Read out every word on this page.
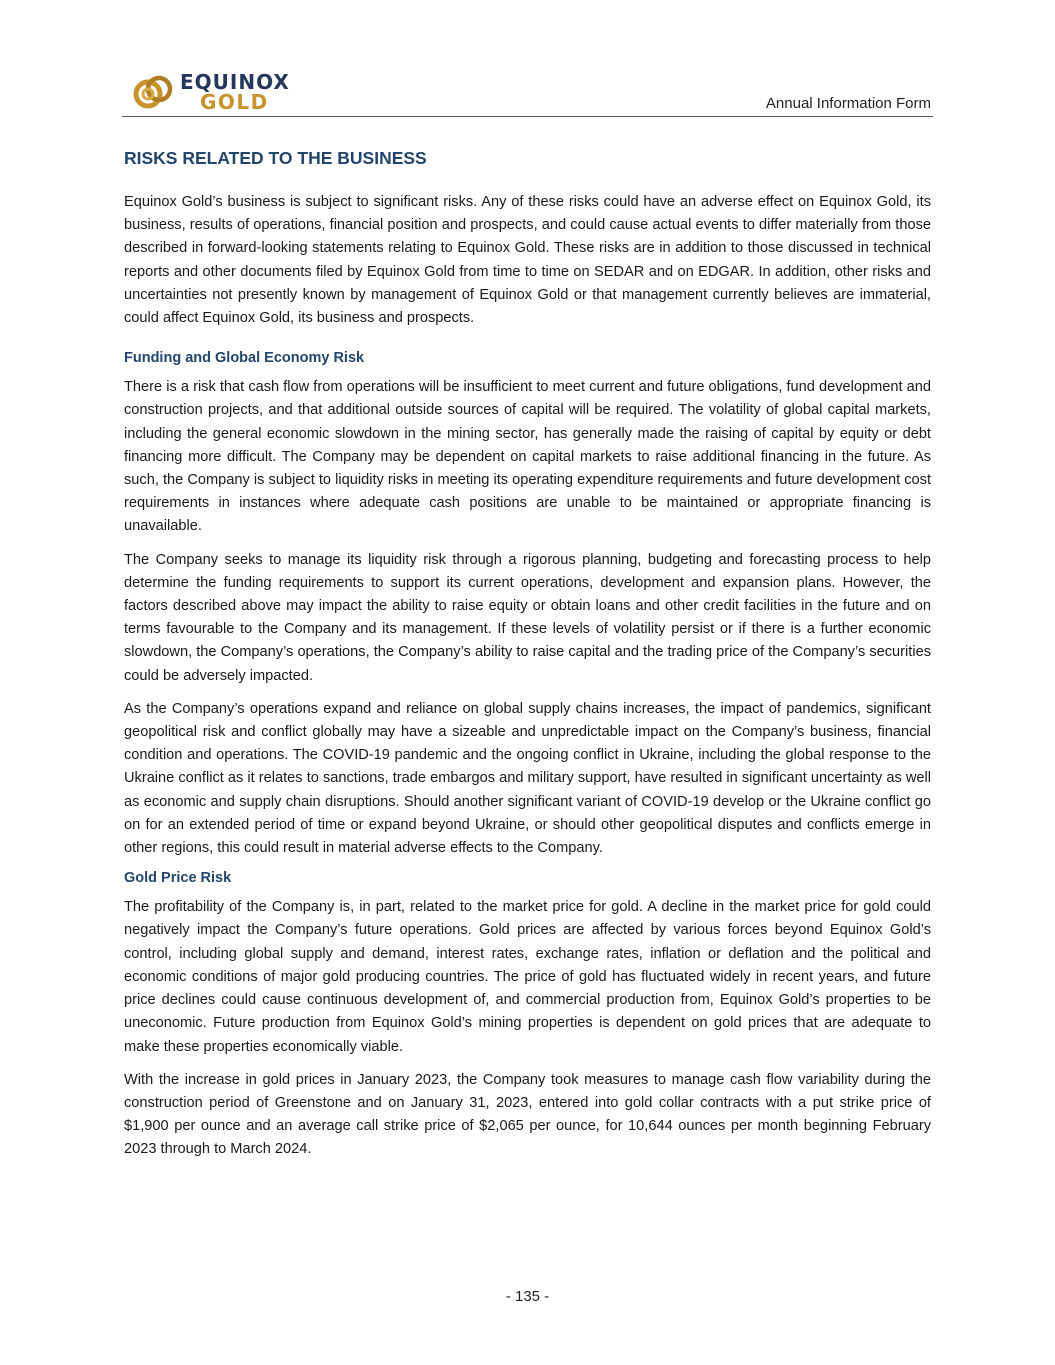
EQUINOX
GOLD	Annual Information Form
RISKS RELATED TO THE BUSINESS

Equinox Gold’s business is subject to significant risks. Any of these risks could have an adverse effect on Equinox Gold, its business, results of operations, financial position and prospects, and could cause actual events to differ materially from those described in forward-looking statements relating to Equinox Gold. These risks are in addition to those discussed in technical reports and other documents filed by Equinox Gold from time to time on SEDAR and on EDGAR. In addition, other risks and uncertainties not presently known by management of Equinox Gold or that management currently believes are immaterial, could affect Equinox Gold, its business and prospects.

Funding and Global Economy Risk

There is a risk that cash flow from operations will be insufficient to meet current and future obligations, fund development and construction projects, and that additional outside sources of capital will be required. The volatility of global capital markets, including the general economic slowdown in the mining sector, has generally made the raising of capital by equity or debt financing more difficult. The Company may be dependent on capital markets to raise additional financing in the future. As such, the Company is subject to liquidity risks in meeting its operating expenditure requirements and future development cost requirements in instances where adequate cash positions are unable to be maintained or appropriate financing is unavailable.

The Company seeks to manage its liquidity risk through a rigorous planning, budgeting and forecasting process to help determine the funding requirements to support its current operations, development and expansion plans. However, the factors described above may impact the ability to raise equity or obtain loans and other credit facilities in the future and on terms favourable to the Company and its management. If these levels of volatility persist or if there is a further economic slowdown, the Company’s operations, the Company’s ability to raise capital and the trading price of the Company’s securities could be adversely impacted.

As the Company’s operations expand and reliance on global supply chains increases, the impact of pandemics, significant geopolitical risk and conflict globally may have a sizeable and unpredictable impact on the Company’s business, financial condition and operations. The COVID-19 pandemic and the ongoing conflict in Ukraine, including the global response to the Ukraine conflict as it relates to sanctions, trade embargos and military support, have resulted in significant uncertainty as well as economic and supply chain disruptions. Should another significant variant of COVID-19 develop or the Ukraine conflict go on for an extended period of time or expand beyond Ukraine, or should other geopolitical disputes and conflicts emerge in other regions, this could result in material adverse effects to the Company.

Gold Price Risk

The profitability of the Company is, in part, related to the market price for gold. A decline in the market price for gold could negatively impact the Company’s future operations. Gold prices are affected by various forces beyond Equinox Gold’s control, including global supply and demand, interest rates, exchange rates, inflation or deflation and the political and economic conditions of major gold producing countries. The price of gold has fluctuated widely in recent years, and future price declines could cause continuous development of, and commercial production from, Equinox Gold’s properties to be uneconomic. Future production from Equinox Gold’s mining properties is dependent on gold prices that are adequate to make these properties economically viable.

With the increase in gold prices in January 2023, the Company took measures to manage cash flow variability during the construction period of Greenstone and on January 31, 2023, entered into gold collar contracts with a put strike price of $1,900 per ounce and an average call strike price of $2,065 per ounce, for 10,644 ounces per month beginning February 2023 through to March 2024.

- 135 -
